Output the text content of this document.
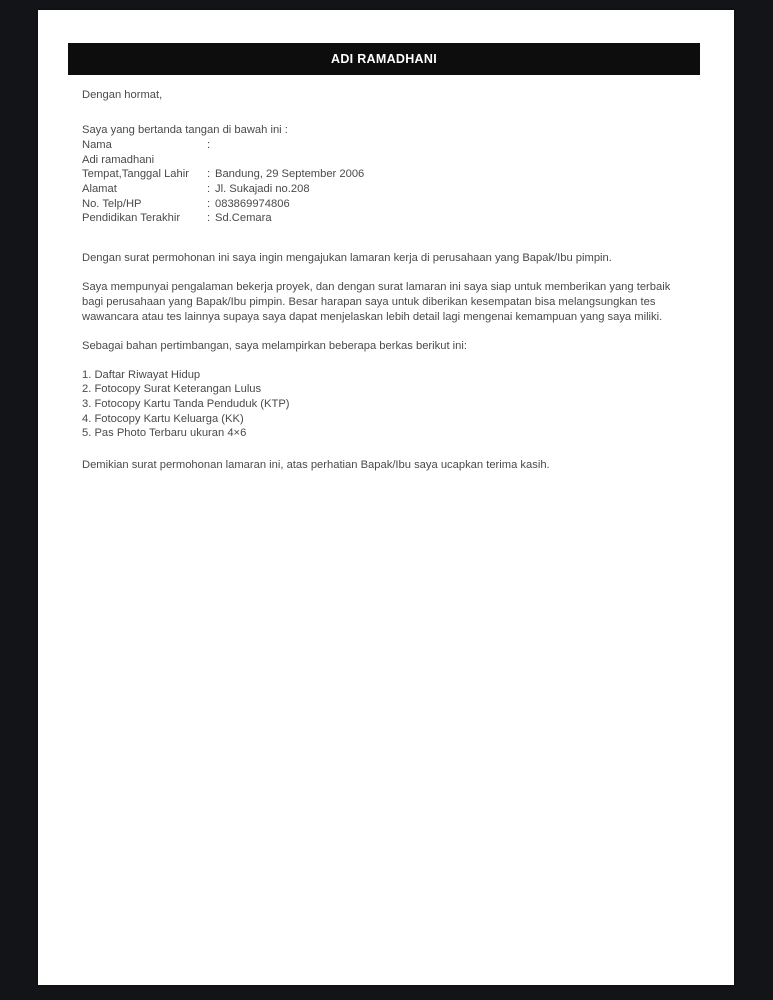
ADI RAMADHANI
Dengan hormat,
Saya yang bertanda tangan di bawah ini :
Nama	:
Adi ramadhani
Tempat,Tanggal Lahir	: Bandung, 29 September 2006
Alamat	: Jl. Sukajadi no.208
No. Telp/HP	: 083869974806
Pendidikan Terakhir	: Sd.Cemara

Dengan surat permohonan ini saya ingin mengajukan lamaran kerja di perusahaan yang Bapak/Ibu pimpin.

Saya mempunyai pengalaman bekerja proyek, dan dengan surat lamaran ini saya siap untuk memberikan yang terbaik bagi perusahaan yang Bapak/Ibu pimpin. Besar harapan saya untuk diberikan kesempatan bisa melangsungkan tes wawancara atau tes lainnya supaya saya dapat menjelaskan lebih detail lagi mengenai kemampuan yang saya miliki.

Sebagai bahan pertimbangan, saya melampirkan beberapa berkas berikut ini:

1. Daftar Riwayat Hidup
2. Fotocopy Surat Keterangan Lulus
3. Fotocopy Kartu Tanda Penduduk (KTP)
4. Fotocopy Kartu Keluarga (KK)
5. Pas Photo Terbaru ukuran 4×6

Demikian surat permohonan lamaran ini, atas perhatian Bapak/Ibu saya ucapkan terima kasih.
